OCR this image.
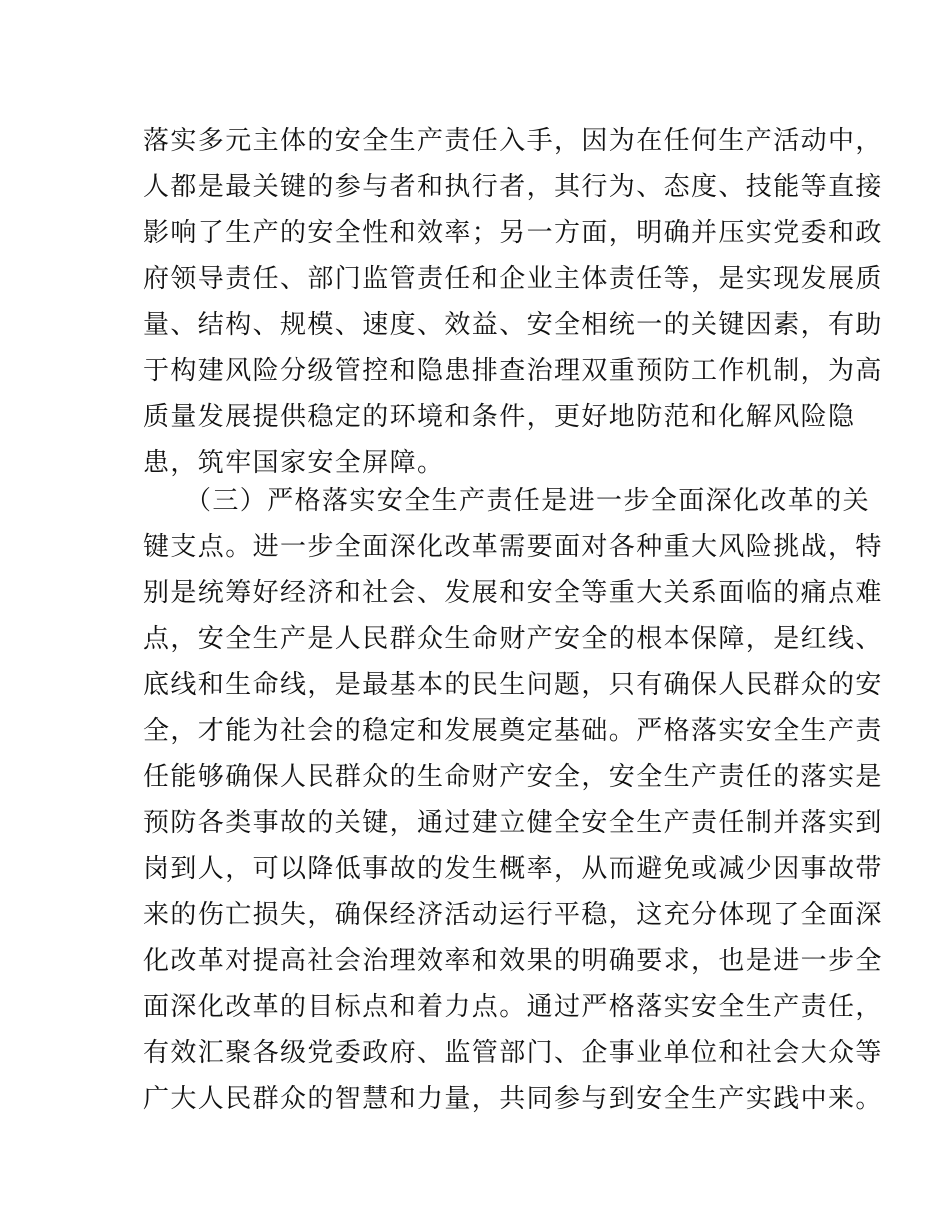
落实多元主体的安全生产责任入手，因为在任何生产活动中，
人都是最关键的参与者和执行者，其行为、态度、技能等直接
影响了生产的安全性和效率；另一方面，明确并压实党委和政
府领导责任、部门监管责任和企业主体责任等，是实现发展质
量、结构、规模、速度、效益、安全相统一的关键因素，有助
于构建风险分级管控和隐患排查治理双重预防工作机制，为高
质量发展提供稳定的环境和条件，更好地防范和化解风险隐
患，筑牢国家安全屏障。
（三）严格落实安全生产责任是进一步全面深化改革的关
键支点。进一步全面深化改革需要面对各种重大风险挑战，特
别是统筹好经济和社会、发展和安全等重大关系面临的痛点难
点，安全生产是人民群众生命财产安全的根本保障，是红线、
底线和生命线，是最基本的民生问题，只有确保人民群众的安
全，才能为社会的稳定和发展奠定基础。严格落实安全生产责
任能够确保人民群众的生命财产安全，安全生产责任的落实是
预防各类事故的关键，通过建立健全安全生产责任制并落实到
岗到人，可以降低事故的发生概率，从而避免或减少因事故带
来的伤亡损失，确保经济活动运行平稳，这充分体现了全面深
化改革对提高社会治理效率和效果的明确要求，也是进一步全
面深化改革的目标点和着力点。通过严格落实安全生产责任，
有效汇聚各级党委政府、监管部门、企事业单位和社会大众等
广大人民群众的智慧和力量，共同参与到安全生产实践中来。
